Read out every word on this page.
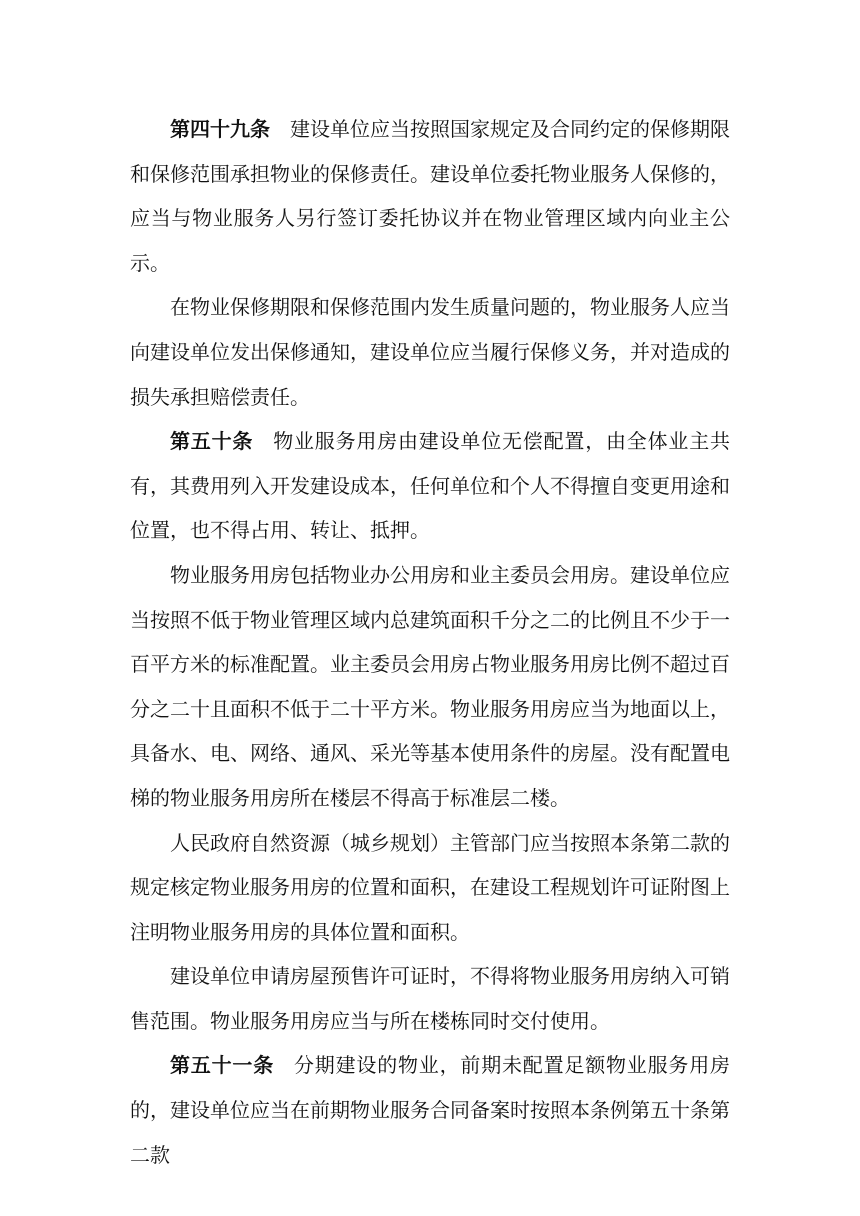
第四十九条 建设单位应当按照国家规定及合同约定的保修期限和保修范围承担物业的保修责任。建设单位委托物业服务人保修的，应当与物业服务人另行签订委托协议并在物业管理区域内向业主公示。

在物业保修期限和保修范围内发生质量问题的，物业服务人应当向建设单位发出保修通知，建设单位应当履行保修义务，并对造成的损失承担赔偿责任。

第五十条 物业服务用房由建设单位无偿配置，由全体业主共有，其费用列入开发建设成本，任何单位和个人不得擅自变更用途和位置，也不得占用、转让、抵押。

物业服务用房包括物业办公用房和业主委员会用房。建设单位应当按照不低于物业管理区域内总建筑面积千分之二的比例且不少于一百平方米的标准配置。业主委员会用房占物业服务用房比例不超过百分之二十且面积不低于二十平方米。物业服务用房应当为地面以上，具备水、电、网络、通风、采光等基本使用条件的房屋。没有配置电梯的物业服务用房所在楼层不得高于标准层二楼。

人民政府自然资源（城乡规划）主管部门应当按照本条第二款的规定核定物业服务用房的位置和面积，在建设工程规划许可证附图上注明物业服务用房的具体位置和面积。

建设单位申请房屋预售许可证时，不得将物业服务用房纳入可销售范围。物业服务用房应当与所在楼栋同时交付使用。

第五十一条 分期建设的物业，前期未配置足额物业服务用房的，建设单位应当在前期物业服务合同备案时按照本条例第五十条第二款
